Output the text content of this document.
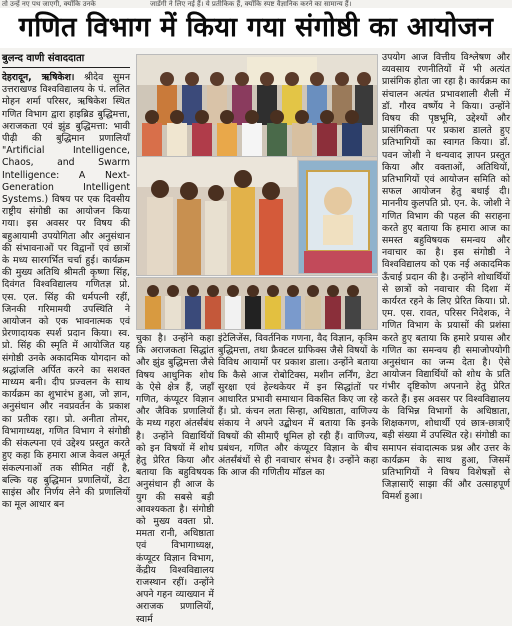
तो उन्हें नए पथ जाएगी, क्योंकि उनके	जाडेंगी ने लिए नई हैं। ये प्रतीकिक हैं, क्योंकि स्पष्ट वैज्ञानिक करने का सामान्य हैं।
गणित विभाग में किया गया संगोष्ठी का आयोजन
बुलन्द वाणी संवाददाता
देहरादून, ऋषिकेश। श्रीदेव सुमन उत्तराखण्ड विश्वविद्यालय के पं. ललित मोहन शर्मा परिसर, ऋषिकेश स्थित गणित विभाग द्वारा हाइब्रिड बुद्धिमत्ता, अराजकता एवं झुंड बुद्धिमत्ता: भावी पीढ़ी की बुद्धिमान प्रणालियाँ "Artificial Intelligence, Chaos, and Swarm Intelligence: A Next-Generation Intelligent Systems.) विषय पर एक दिवसीय राष्ट्रीय संगोष्ठी का आयोजन किया गया। इस अवसर पर विषय की बहुआयामी उपयोगिता और अनुसंधान की संभावनाओं पर विद्वानों एवं छात्रों के मध्य सारगर्भित चर्चा हुई। कार्यक्रम की मुख्य अतिथि श्रीमती कृष्णा सिंह, दिवंगत विश्वविद्यालय गणितज्ञ प्रो. एस. एल. सिंह की धर्मपत्नी रहीं, जिनकी गरिमामयी उपस्थिति ने आयोजन को एक भावनात्मक एवं प्रेरणादायक स्पर्श प्रदान किया। स्व. प्रो. सिंह की स्मृति में आयोजित यह संगोष्ठी उनके अकादमिक योगदान को श्रद्धांजलि अर्पित करने का सशक्त माध्यम बनी। दीप प्रज्वलन के साथ कार्यक्रम का शुभारंभ हुआ, जो ज्ञान, अनुसंधान और नवप्रवर्तन के प्रकाश का प्रतीक रहा। प्रो. अनीता तोमर, विभागाध्यक्ष, गणित विभाग ने संगोष्ठी की संकल्पना एवं उद्देश्य प्रस्तुत करते हुए कहा कि हमारा आज केवल अमूर्त संकल्पनाओं तक सीमित नहीं है, बल्कि यह बुद्धिमान प्रणालियों, डेटा साइंस और निर्णय लेने की प्रणालियों का मूल आधार बन
चुका है। उन्होंने कहा कि अराजकता सिद्धांत और झुंड बुद्धिमत्ता जैसे विषय आधुनिक शोध के ऐसे क्षेत्र हैं, जहाँ गणित, कंप्यूटर विज्ञान और जैविक प्रणालियों के मध्य गहरा अंतर्संबंध है। उन्होंने विद्यार्थियों को इन विषयों में शोध हेतु प्रेरित किया और बताया कि बहुविषयक अनुसंधान ही आज के युग की सबसे बड़ी आवश्यकता है। संगोष्ठी को मुख्य वक्ता प्रो. ममता रानी, अधिष्ठाता एवं विभागाध्यक्ष, कंप्यूटर विज्ञान विभाग, केंद्रीय विश्वविद्यालय राजस्थान रहीं। उन्होंने अपने गहन व्याख्यान में अराजक प्रणालियों, स्वार्म
इंटेलिजेंस, विवर्तनिक गणना, वैद विज्ञान, कृत्रिम बुद्धिमत्ता, तथा फ्रैक्टल ग्राफिक्स जैसे विषयों के विविध आयामों पर प्रकाश डाला। उन्होंने बताया कि कैसे आज रोबोटिक्स, मशीन लर्निंग, डेटा सुरक्षा एवं हेल्थकेयर में इन सिद्धांतों पर आधारित प्रभावी समाधान विकसित किए जा रहे हैं। प्रो. कंचन लता सिन्हा, अधिष्ठाता, वाणिज्य संकाय ने अपने उद्बोधन में बताया कि इनके विषयों की सीमाएँ धूमिल हो रही हैं। वाणिज्य, प्रबंधन, गणित और कंप्यूटर विज्ञान के बीच अंतर्संबंधों से ही नवाचार संभव है। उन्होंने कहा कि आज की गणितीय मॉडल का
उपयोग आज वित्तीय विश्लेषण और व्यवसाय रणनीतियों में भी अत्यंत प्रासंगिक होता जा रहा है। कार्यक्रम का संचालन अत्यंत प्रभावशाली शैली में डॉ. गौरव वर्ष्णेय ने किया। उन्होंने विषय की पृष्ठभूमि, उद्देश्यों और प्रासंगिकता पर प्रकाश डालते हुए प्रतिभागियों का स्वागत किया। डॉ. पवन जोशी ने धन्यवाद ज्ञापन प्रस्तुत किया और वक्ताओं, अतिथियों, प्रतिभागियों एवं आयोजन समिति को सफल आयोजन हेतु बधाई दी। माननीय कुलपति प्रो. एन. के. जोशी ने गणित विभाग की पहल की सराहना करते हुए बताया कि हमारा आज का समस्त बहुविषयक समन्वय और नवाचार का है। इस संगोष्ठी ने विश्वविद्यालय को एक नई अकादमिक ऊँचाई प्रदान की है। उन्होंने शोधार्थियों से छात्रों को नवाचार की दिशा में कार्यरत रहने के लिए प्रेरित किया। प्रो. एम. एस. रावत, परिसर निदेशक, ने गणित विभाग के प्रयासों की प्रशंसा करते हुए बताया कि हमारे प्रयास और गणित का समन्वय ही समाजोपयोगी अनुसंधान का जन्म देता है। ऐसे आयोजन विद्यार्थियों को शोध के प्रति गंभीर दृष्टिकोण अपनाने हेतु प्रेरित करते हैं। इस अवसर पर विश्वविद्यालय के विभिन्न विभागों के अधिष्ठाता, शिक्षकगण, शोधार्थी एवं छात्र-छात्राएँ बड़ी संख्या में उपस्थित रहे। संगोष्ठी का समापन संवादात्मक प्रश्न और उत्तर के कार्यक्रम के साथ हुआ, जिसमें प्रतिभागियों ने विषय विशेषज्ञों से जिज्ञासाएँ साझा कीं और उत्साहपूर्ण विमर्श हुआ।
